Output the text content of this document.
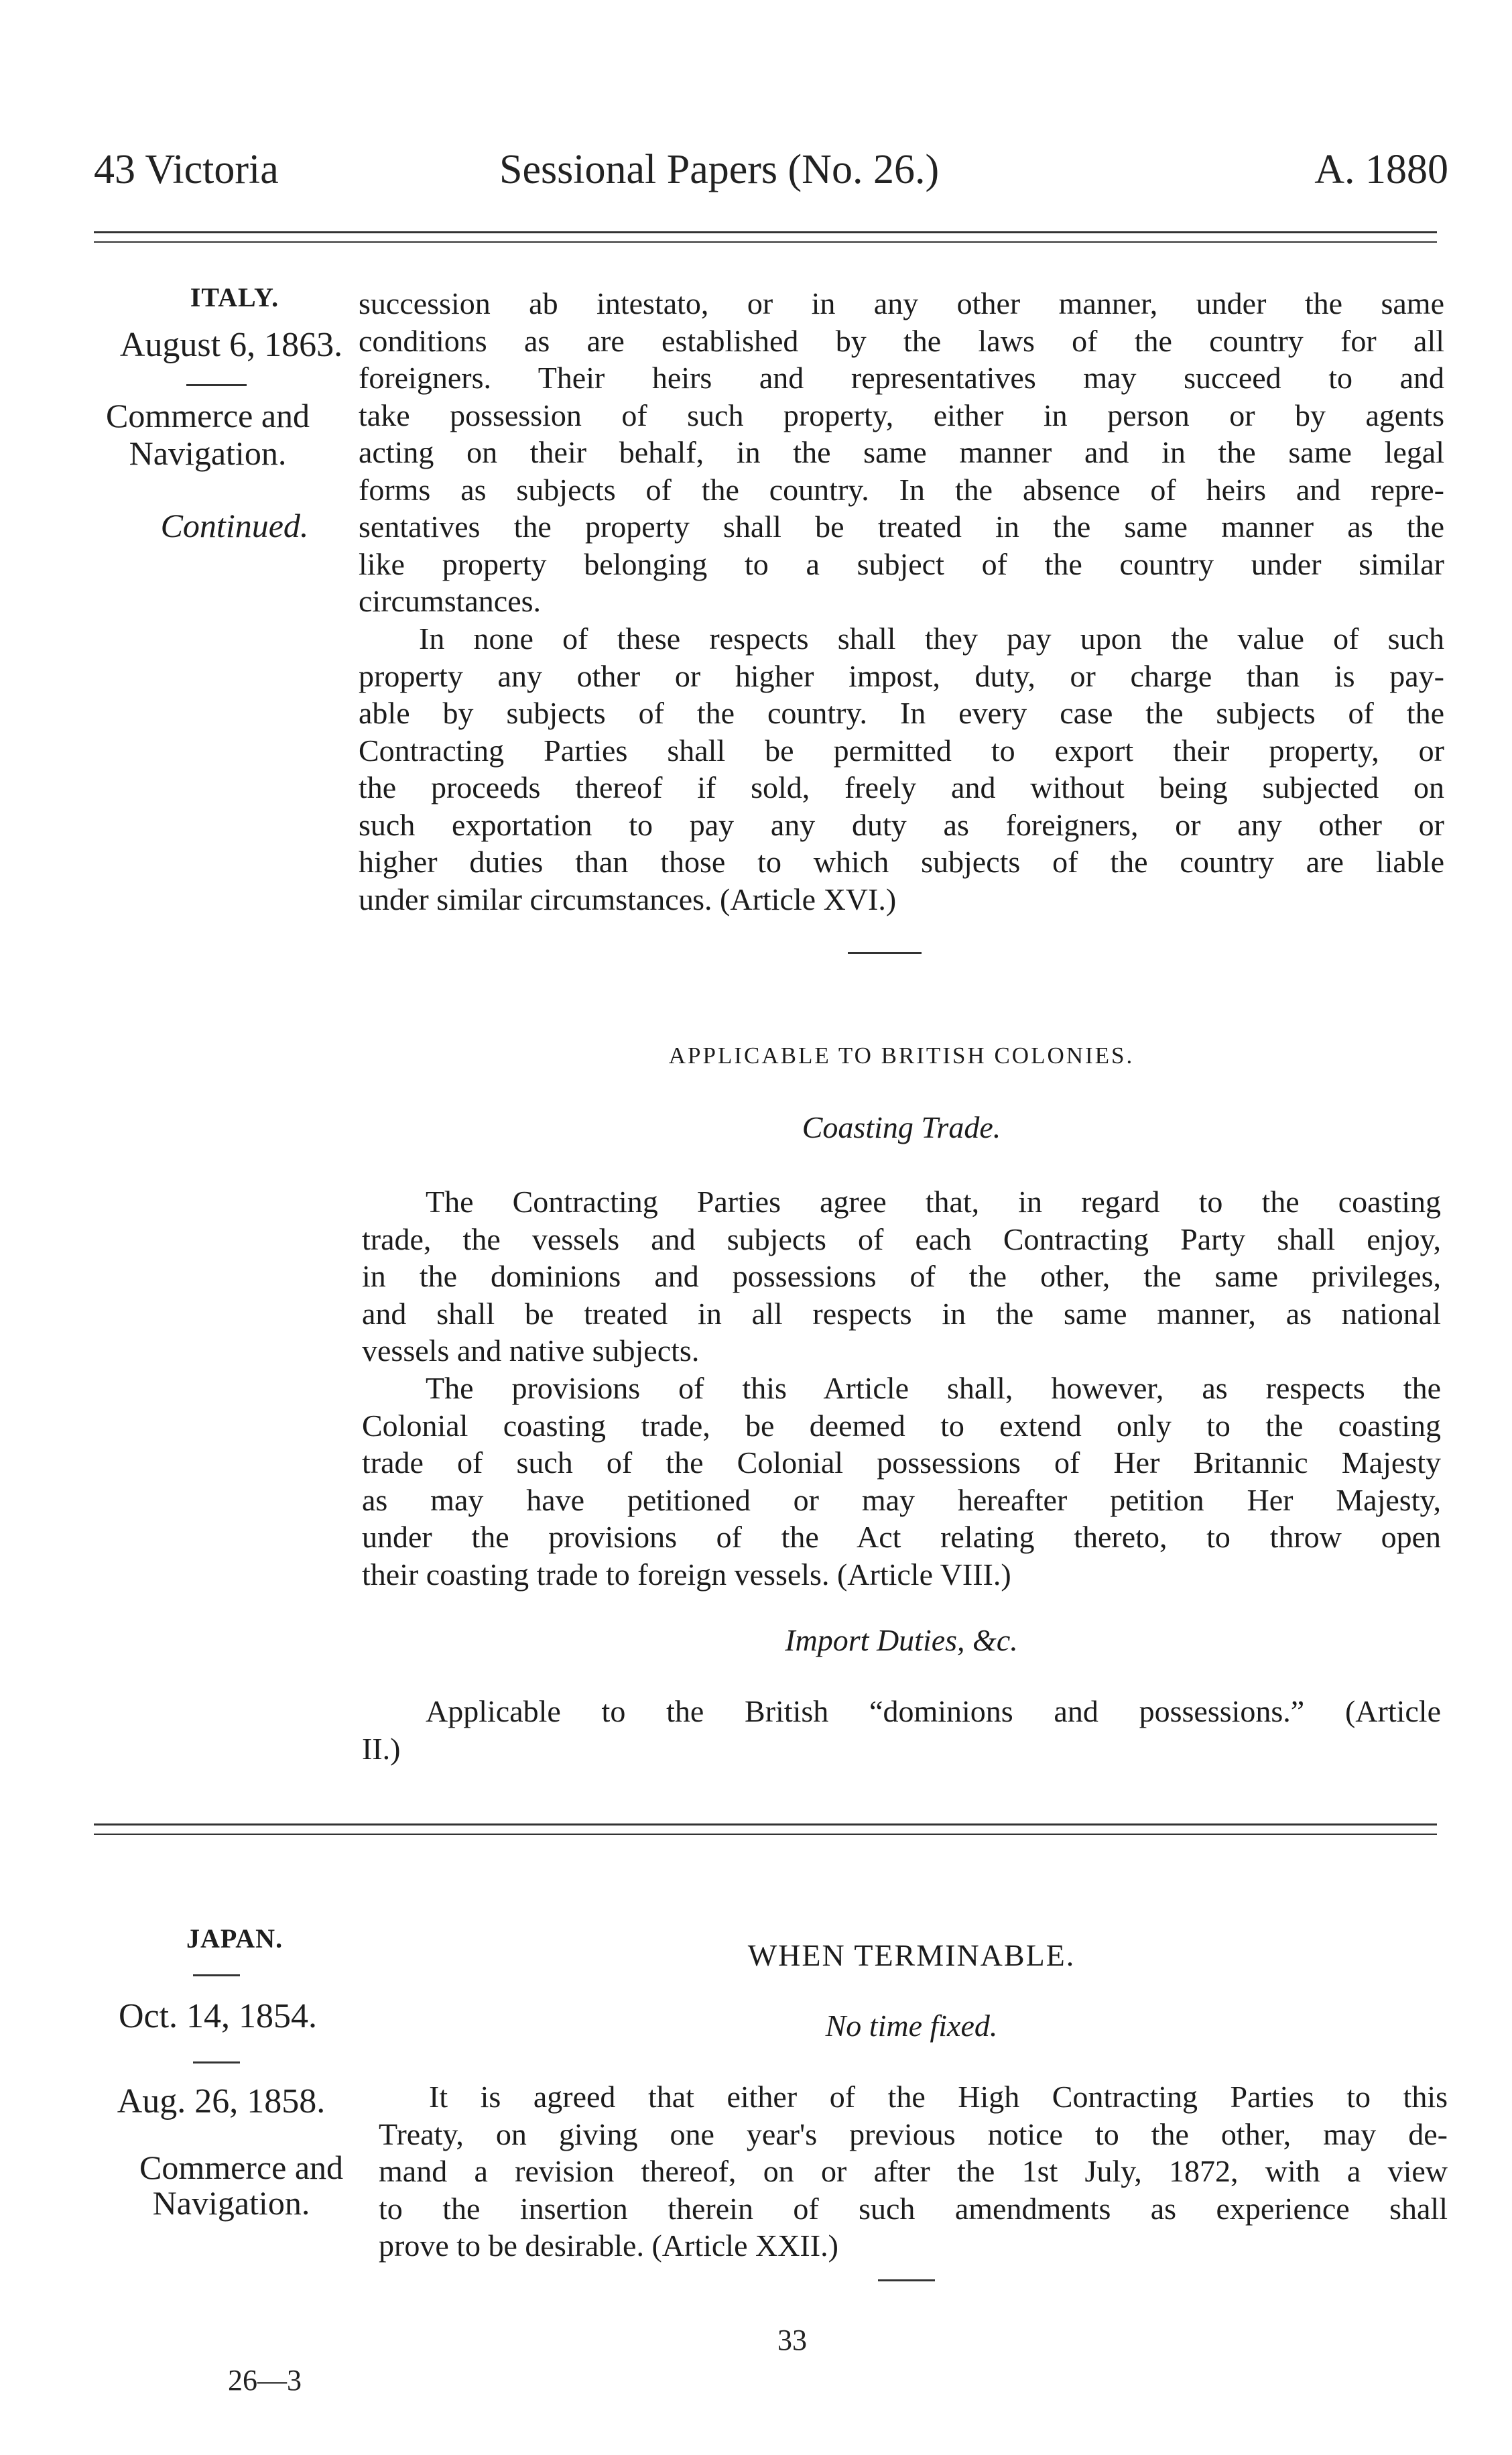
43 Victoria	Sessional Papers (No. 26.)	A. 1880
ITALY.
August 6, 1863.
Commerce and
Navigation.
Continued.
succession ab intestato, or in any other manner, under the same
conditions as are established by the laws of the country for all
foreigners. Their heirs and representatives may succeed to and
take possession of such property, either in person or by agents
acting on their behalf, in the same manner and in the same legal
forms as subjects of the country. In the absence of heirs and repre-
sentatives the property shall be treated in the same manner as the
like property belonging to a subject of the country under similar
circumstances.
In none of these respects shall they pay upon the value of such
property any other or higher impost, duty, or charge than is pay-
able by subjects of the country. In every case the subjects of the
Contracting Parties shall be permitted to export their property, or
the proceeds thereof if sold, freely and without being subjected on
such exportation to pay any duty as foreigners, or any other or
higher duties than those to which subjects of the country are liable
under similar circumstances. (Article XVI.)
APPLICABLE TO BRITISH COLONIES.
Coasting Trade.
The Contracting Parties agree that, in regard to the coasting
trade, the vessels and subjects of each Contracting Party shall enjoy,
in the dominions and possessions of the other, the same privileges,
and shall be treated in all respects in the same manner, as national
vessels and native subjects.
The provisions of this Article shall, however, as respects the
Colonial coasting trade, be deemed to extend only to the coasting
trade of such of the Colonial possessions of Her Britannic Majesty
as may have petitioned or may hereafter petition Her Majesty,
under the provisions of the Act relating thereto, to throw open
their coasting trade to foreign vessels. (Article VIII.)
Import Duties, &c.
Applicable to the British “dominions and possessions.” (Article
II.)
JAPAN.
Oct. 14, 1854.
Aug. 26, 1858.
Commerce and
Navigation.
WHEN TERMINABLE.
No time fixed.
It is agreed that either of the High Contracting Parties to this
Treaty, on giving one year's previous notice to the other, may de-
mand a revision thereof, on or after the 1st July, 1872, with a view
to the insertion therein of such amendments as experience shall
prove to be desirable. (Article XXII.)
33
26—3
